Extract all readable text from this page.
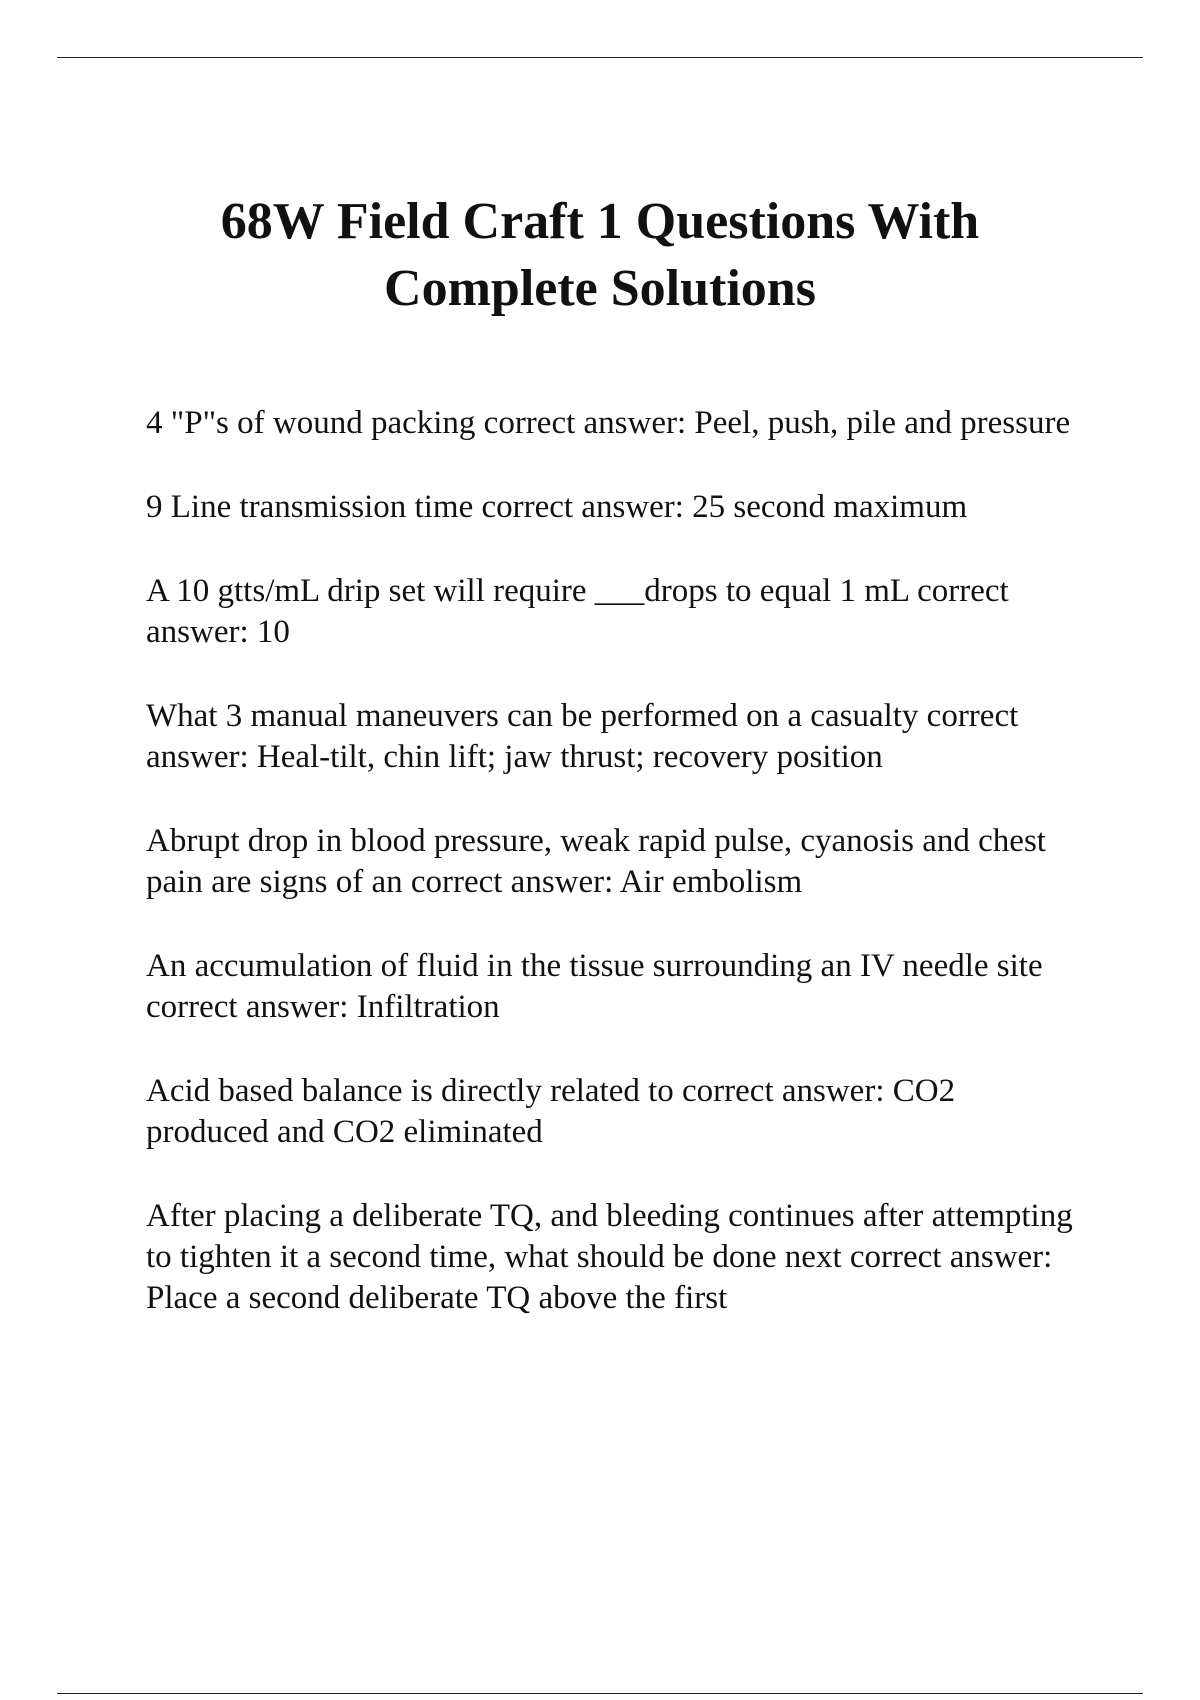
68W Field Craft 1 Questions With
Complete Solutions
4 "P"s of wound packing correct answer: Peel, push, pile and pressure
9 Line transmission time correct answer: 25 second maximum
A 10 gtts/mL drip set will require ___drops to equal 1 mL correct answer: 10
What 3 manual maneuvers can be performed on a casualty correct answer: Heal-tilt, chin lift; jaw thrust; recovery position
Abrupt drop in blood pressure, weak rapid pulse, cyanosis and chest pain are signs of an correct answer: Air embolism
An accumulation of fluid in the tissue surrounding an IV needle site correct answer: Infiltration
Acid based balance is directly related to correct answer: CO2 produced and CO2 eliminated
After placing a deliberate TQ, and bleeding continues after attempting to tighten it a second time, what should be done next correct answer: Place a second deliberate TQ above the first
